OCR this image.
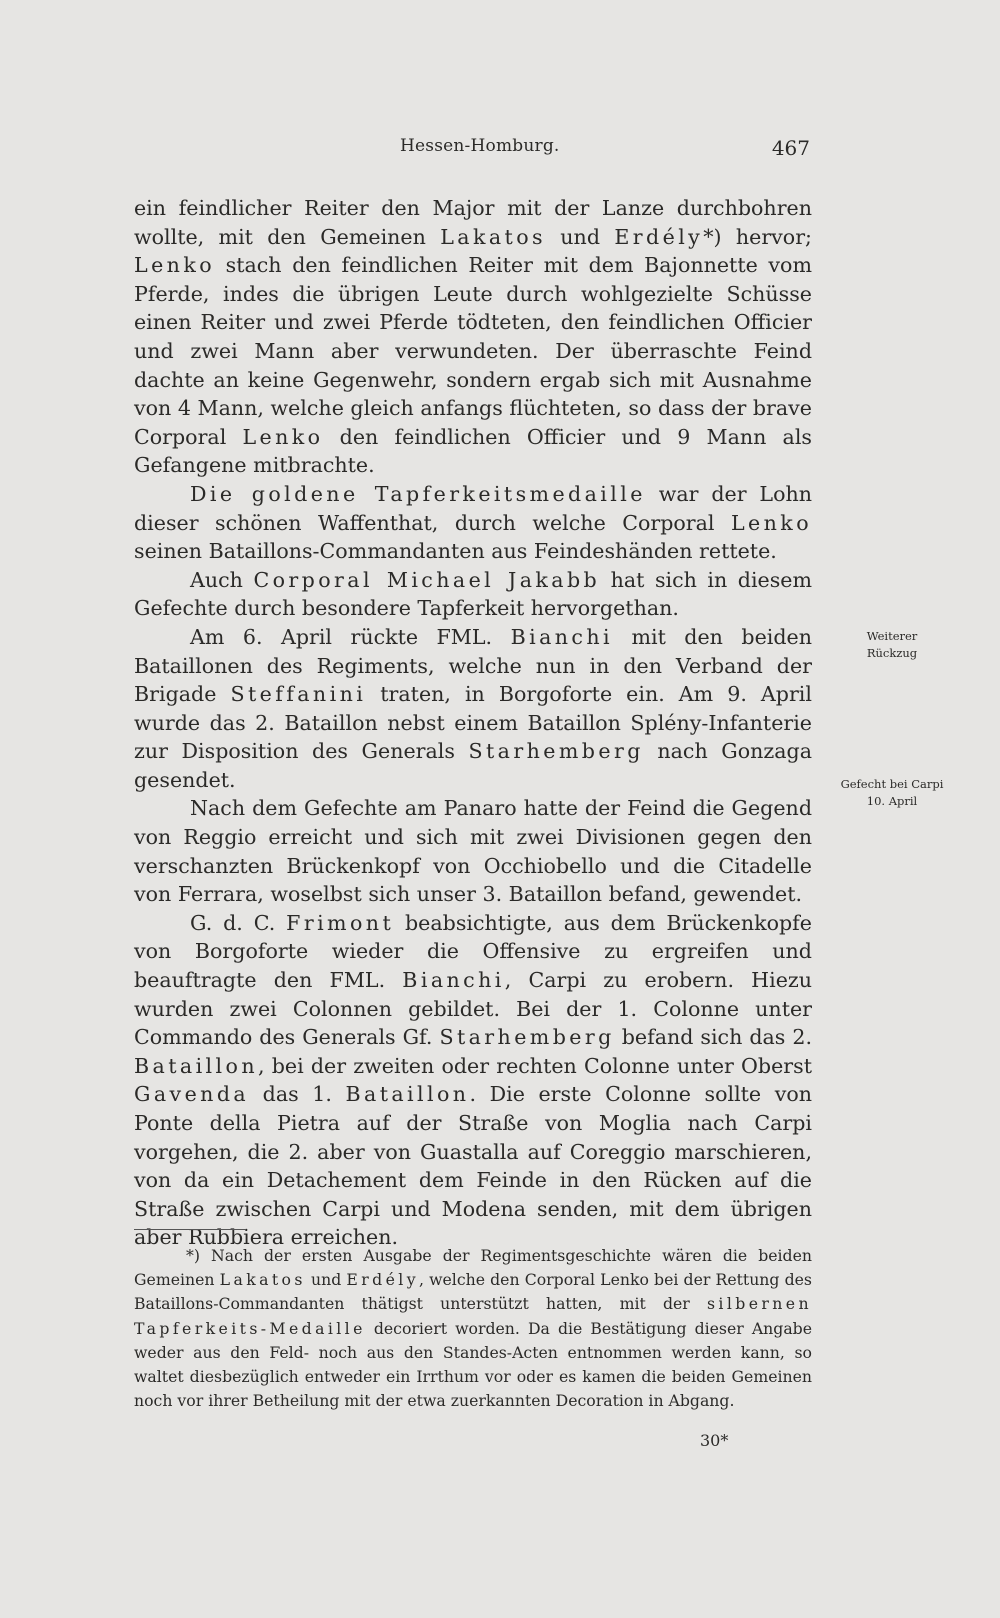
Hessen-Homburg.	467

ein feindlicher Reiter den Major mit der Lanze durchbohren wollte, mit den Gemeinen Lakatos und Erdély*) hervor; Lenko stach den feindlichen Reiter mit dem Bajonnette vom Pferde, indes die übrigen Leute durch wohlgezielte Schüsse einen Reiter und zwei Pferde tödteten, den feindlichen Officier und zwei Mann aber verwundeten. Der überraschte Feind dachte an keine Gegenwehr, sondern ergab sich mit Ausnahme von 4 Mann, welche gleich anfangs flüchteten, so dass der brave Corporal Lenko den feindlichen Officier und 9 Mann als Gefangene mitbrachte.

Die goldene Tapferkeitsmedaille war der Lohn dieser schönen Waffenthat, durch welche Corporal Lenko seinen Bataillons-Commandanten aus Feindeshänden rettete.

Auch Corporal Michael Jakabb hat sich in diesem Gefechte durch besondere Tapferkeit hervorgethan.

Am 6. April rückte FML. Bianchi mit den beiden Bataillonen des Regiments, welche nun in den Verband der Brigade Steffanini traten, in Borgoforte ein. Am 9. April wurde das 2. Bataillon nebst einem Bataillon Splény-Infanterie zur Disposition des Generals Starhemberg nach Gonzaga gesendet.

Nach dem Gefechte am Panaro hatte der Feind die Gegend von Reggio erreicht und sich mit zwei Divisionen gegen den verschanzten Brückenkopf von Occhiobello und die Citadelle von Ferrara, woselbst sich unser 3. Bataillon befand, gewendet.

G. d. C. Frimont beabsichtigte, aus dem Brückenkopfe von Borgoforte wieder die Offensive zu ergreifen und beauftragte den FML. Bianchi, Carpi zu erobern. Hiezu wurden zwei Colonnen gebildet. Bei der 1. Colonne unter Commando des Generals Gf. Starhemberg befand sich das 2. Bataillon, bei der zweiten oder rechten Colonne unter Oberst Gavenda das 1. Bataillon. Die erste Colonne sollte von Ponte della Pietra auf der Straße von Moglia nach Carpi vorgehen, die 2. aber von Guastalla auf Coreggio marschieren, von da ein Detachement dem Feinde in den Rücken auf die Straße zwischen Carpi und Modena senden, mit dem übrigen aber Rubbiera erreichen.

Weiterer
Rückzug
Gefecht bei Carpi
10. April

*) Nach der ersten Ausgabe der Regimentsgeschichte wären die beiden Gemeinen Lakatos und Erdély, welche den Corporal Lenko bei der Rettung des Bataillons-Commandanten thätigst unterstützt hatten, mit der silbernen Tapferkeits-Medaille decoriert worden. Da die Bestätigung dieser Angabe weder aus den Feld- noch aus den Standes-Acten entnommen werden kann, so waltet diesbezüglich entweder ein Irrthum vor oder es kamen die beiden Gemeinen noch vor ihrer Betheilung mit der etwa zuerkannten Decoration in Abgang.

30*
